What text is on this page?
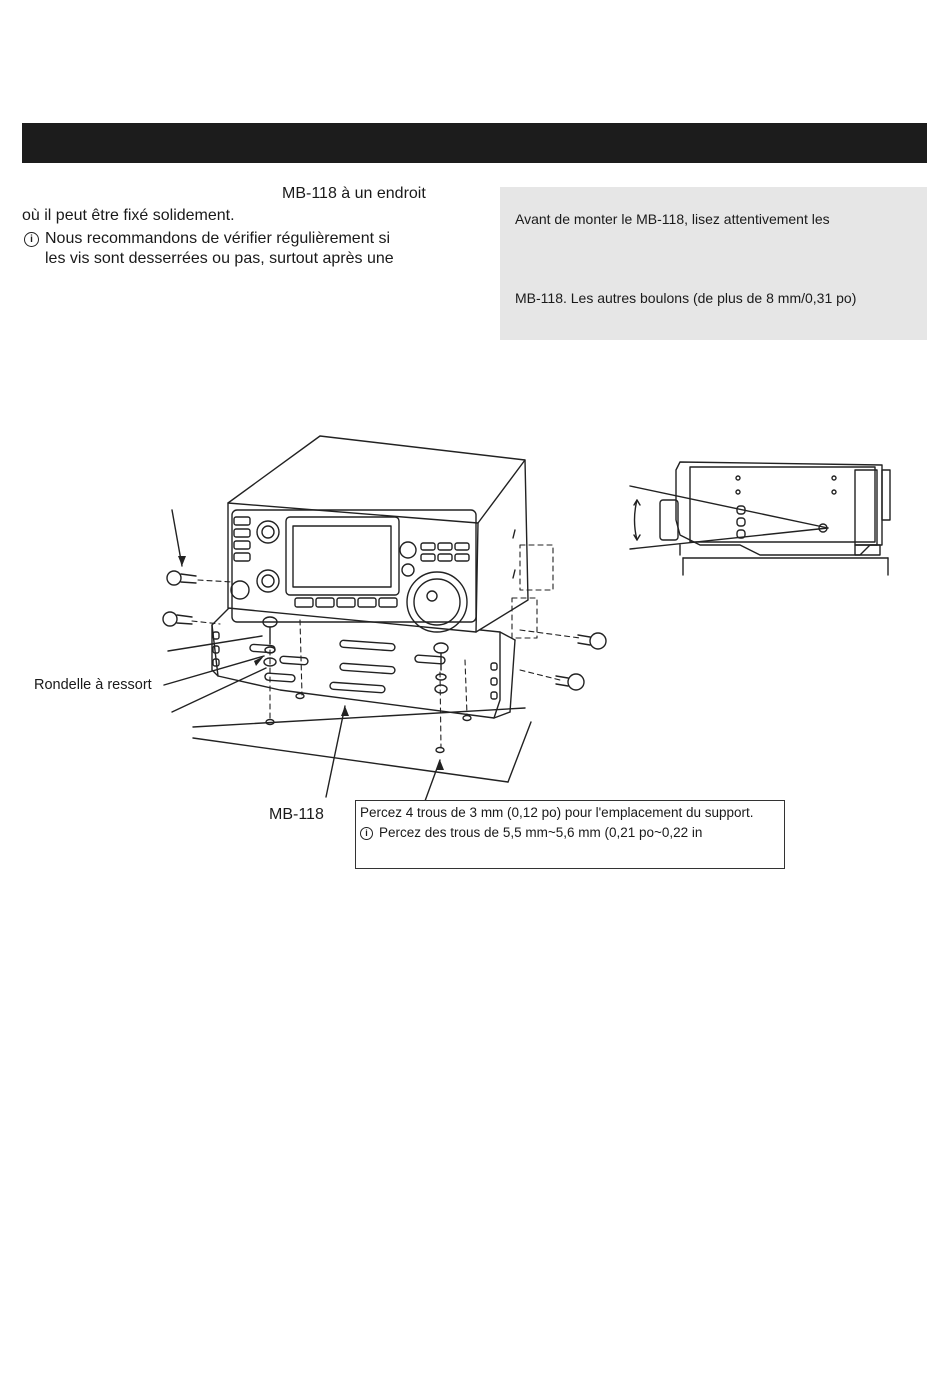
MB-118 à un endroit
où il peut être fixé solidement.
i Nous recommandons de vérifier régulièrement si
les vis sont desserrées ou pas, surtout après une
Avant de monter le MB-118, lisez attentivement les
MB-118. Les autres boulons (de plus de 8 mm/0,31 po)
Rondelle à ressort
MB-118	Percez 4 trous de 3 mm (0,12 po) pour l'emplacement du support.
i Percez des trous de 5,5 mm~5,6 mm (0,21 po~0,22 in
